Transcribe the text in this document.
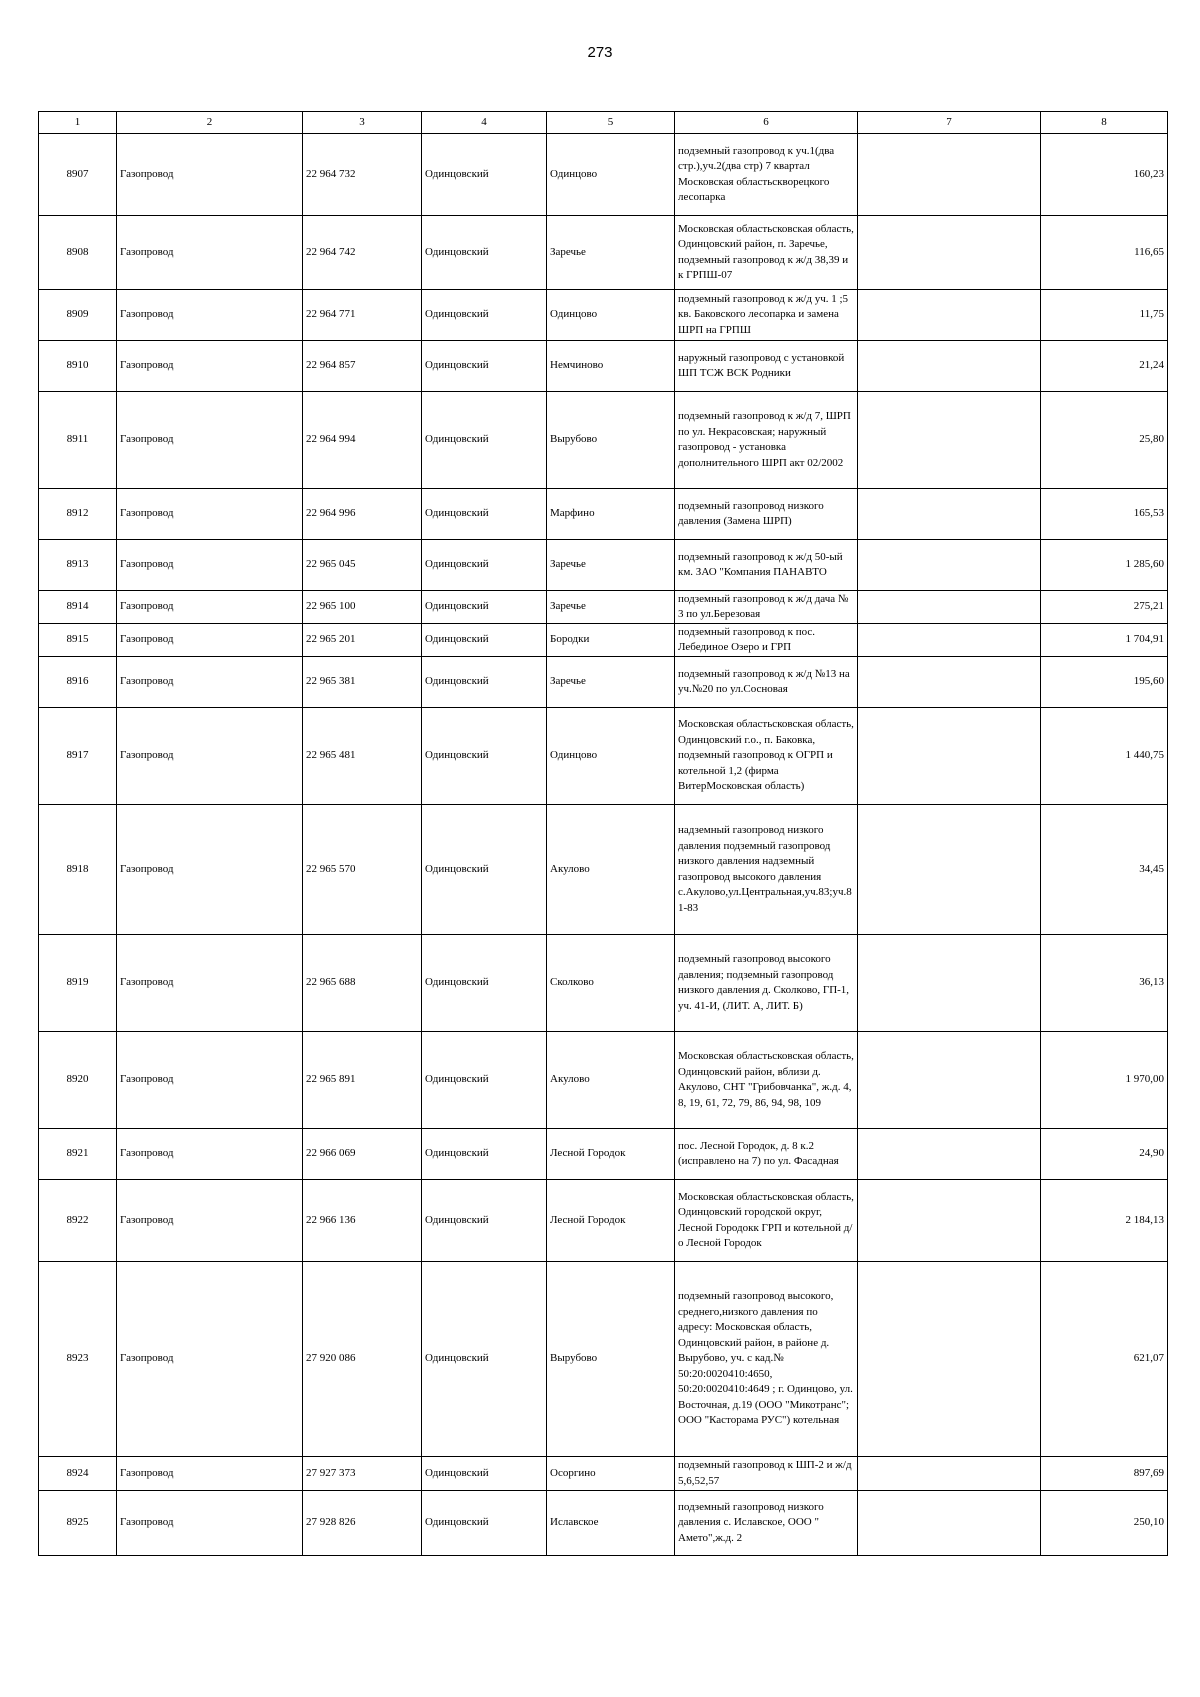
273
1	2	3	4	5	6	7	8
8907	Газопровод	22 964 732	Одинцовский	Одинцово	подземный газопровод к уч.1(два стр.),уч.2(два стр) 7 квартал Московская областьскворецкого лесопарка		160,23
8908	Газопровод	22 964 742	Одинцовский	Заречье	Московская областьсковская область, Одинцовский район, п. Заречье, подземный газопровод к ж/д 38,39 и к ГРПШ-07		116,65
8909	Газопровод	22 964 771	Одинцовский	Одинцово	подземный газопровод к ж/д уч. 1 ;5 кв. Баковского лесопарка и замена ШРП на ГРПШ		11,75
8910	Газопровод	22 964 857	Одинцовский	Немчиново	наружный газопровод с установкой ШП ТСЖ ВСК Родники		21,24
8911	Газопровод	22 964 994	Одинцовский	Вырубово	подземный газопровод к ж/д 7, ШРП по ул. Некрасовская; наружный газопровод - установка дополнительного ШРП акт 02/2002		25,80
8912	Газопровод	22 964 996	Одинцовский	Марфино	подземный газопровод низкого давления (Замена ШРП)		165,53
8913	Газопровод	22 965 045	Одинцовский	Заречье	подземный газопровод к ж/д 50-ый км. ЗАО "Компания ПАНАВТО		1 285,60
8914	Газопровод	22 965 100	Одинцовский	Заречье	подземный газопровод к ж/д дача № 3 по ул.Березовая		275,21
8915	Газопровод	22 965 201	Одинцовский	Бородки	подземный газопровод к пос. Лебединое Озеро и ГРП		1 704,91
8916	Газопровод	22 965 381	Одинцовский	Заречье	подземный газопровод к ж/д №13 на уч.№20 по ул.Сосновая		195,60
8917	Газопровод	22 965 481	Одинцовский	Одинцово	Московская областьсковская область, Одинцовский г.о., п. Баковка, подземный газопровод к ОГРП и котельной 1,2 (фирма ВитерМосковская область)		1 440,75
8918	Газопровод	22 965 570	Одинцовский	Акулово	надземный газопровод низкого давления подземный газопровод низкого давления надземный газопровод высокого давления с.Акулово,ул.Центральная,уч.83;уч.81-83		34,45
8919	Газопровод	22 965 688	Одинцовский	Сколково	подземный газопровод высокого давления; подземный газопровод низкого давления д. Сколково, ГП-1, уч. 41-И, (ЛИТ. А, ЛИТ. Б)		36,13
8920	Газопровод	22 965 891	Одинцовский	Акулово	Московская областьсковская область, Одинцовский район, вблизи д. Акулово, СНТ "Грибовчанка", ж.д. 4, 8, 19, 61, 72, 79, 86, 94, 98, 109		1 970,00
8921	Газопровод	22 966 069	Одинцовский	Лесной Городок	пос. Лесной Городок, д. 8 к.2 (исправлено на 7) по ул. Фасадная		24,90
8922	Газопровод	22 966 136	Одинцовский	Лесной Городок	Московская областьсковская область, Одинцовский городской округ, Лесной Городокк ГРП и котельной д/о Лесной Городок		2 184,13
8923	Газопровод	27 920 086	Одинцовский	Вырубово	подземный газопровод высокого, среднего,низкого давления по адресу: Московская область, Одинцовский район, в районе д. Вырубово, уч. с кад.№ 50:20:0020410:4650, 50:20:0020410:4649 ; г. Одинцово, ул. Восточная, д.19 (ООО "Микотранс"; ООО "Касторама РУС") котельная		621,07
8924	Газопровод	27 927 373	Одинцовский	Осоргино	подземный газопровод к ШП-2 и ж/д 5,6,52,57		897,69
8925	Газопровод	27 928 826	Одинцовский	Иславское	подземный газопровод низкого давления с. Иславское, ООО " Амето",ж.д. 2		250,10
